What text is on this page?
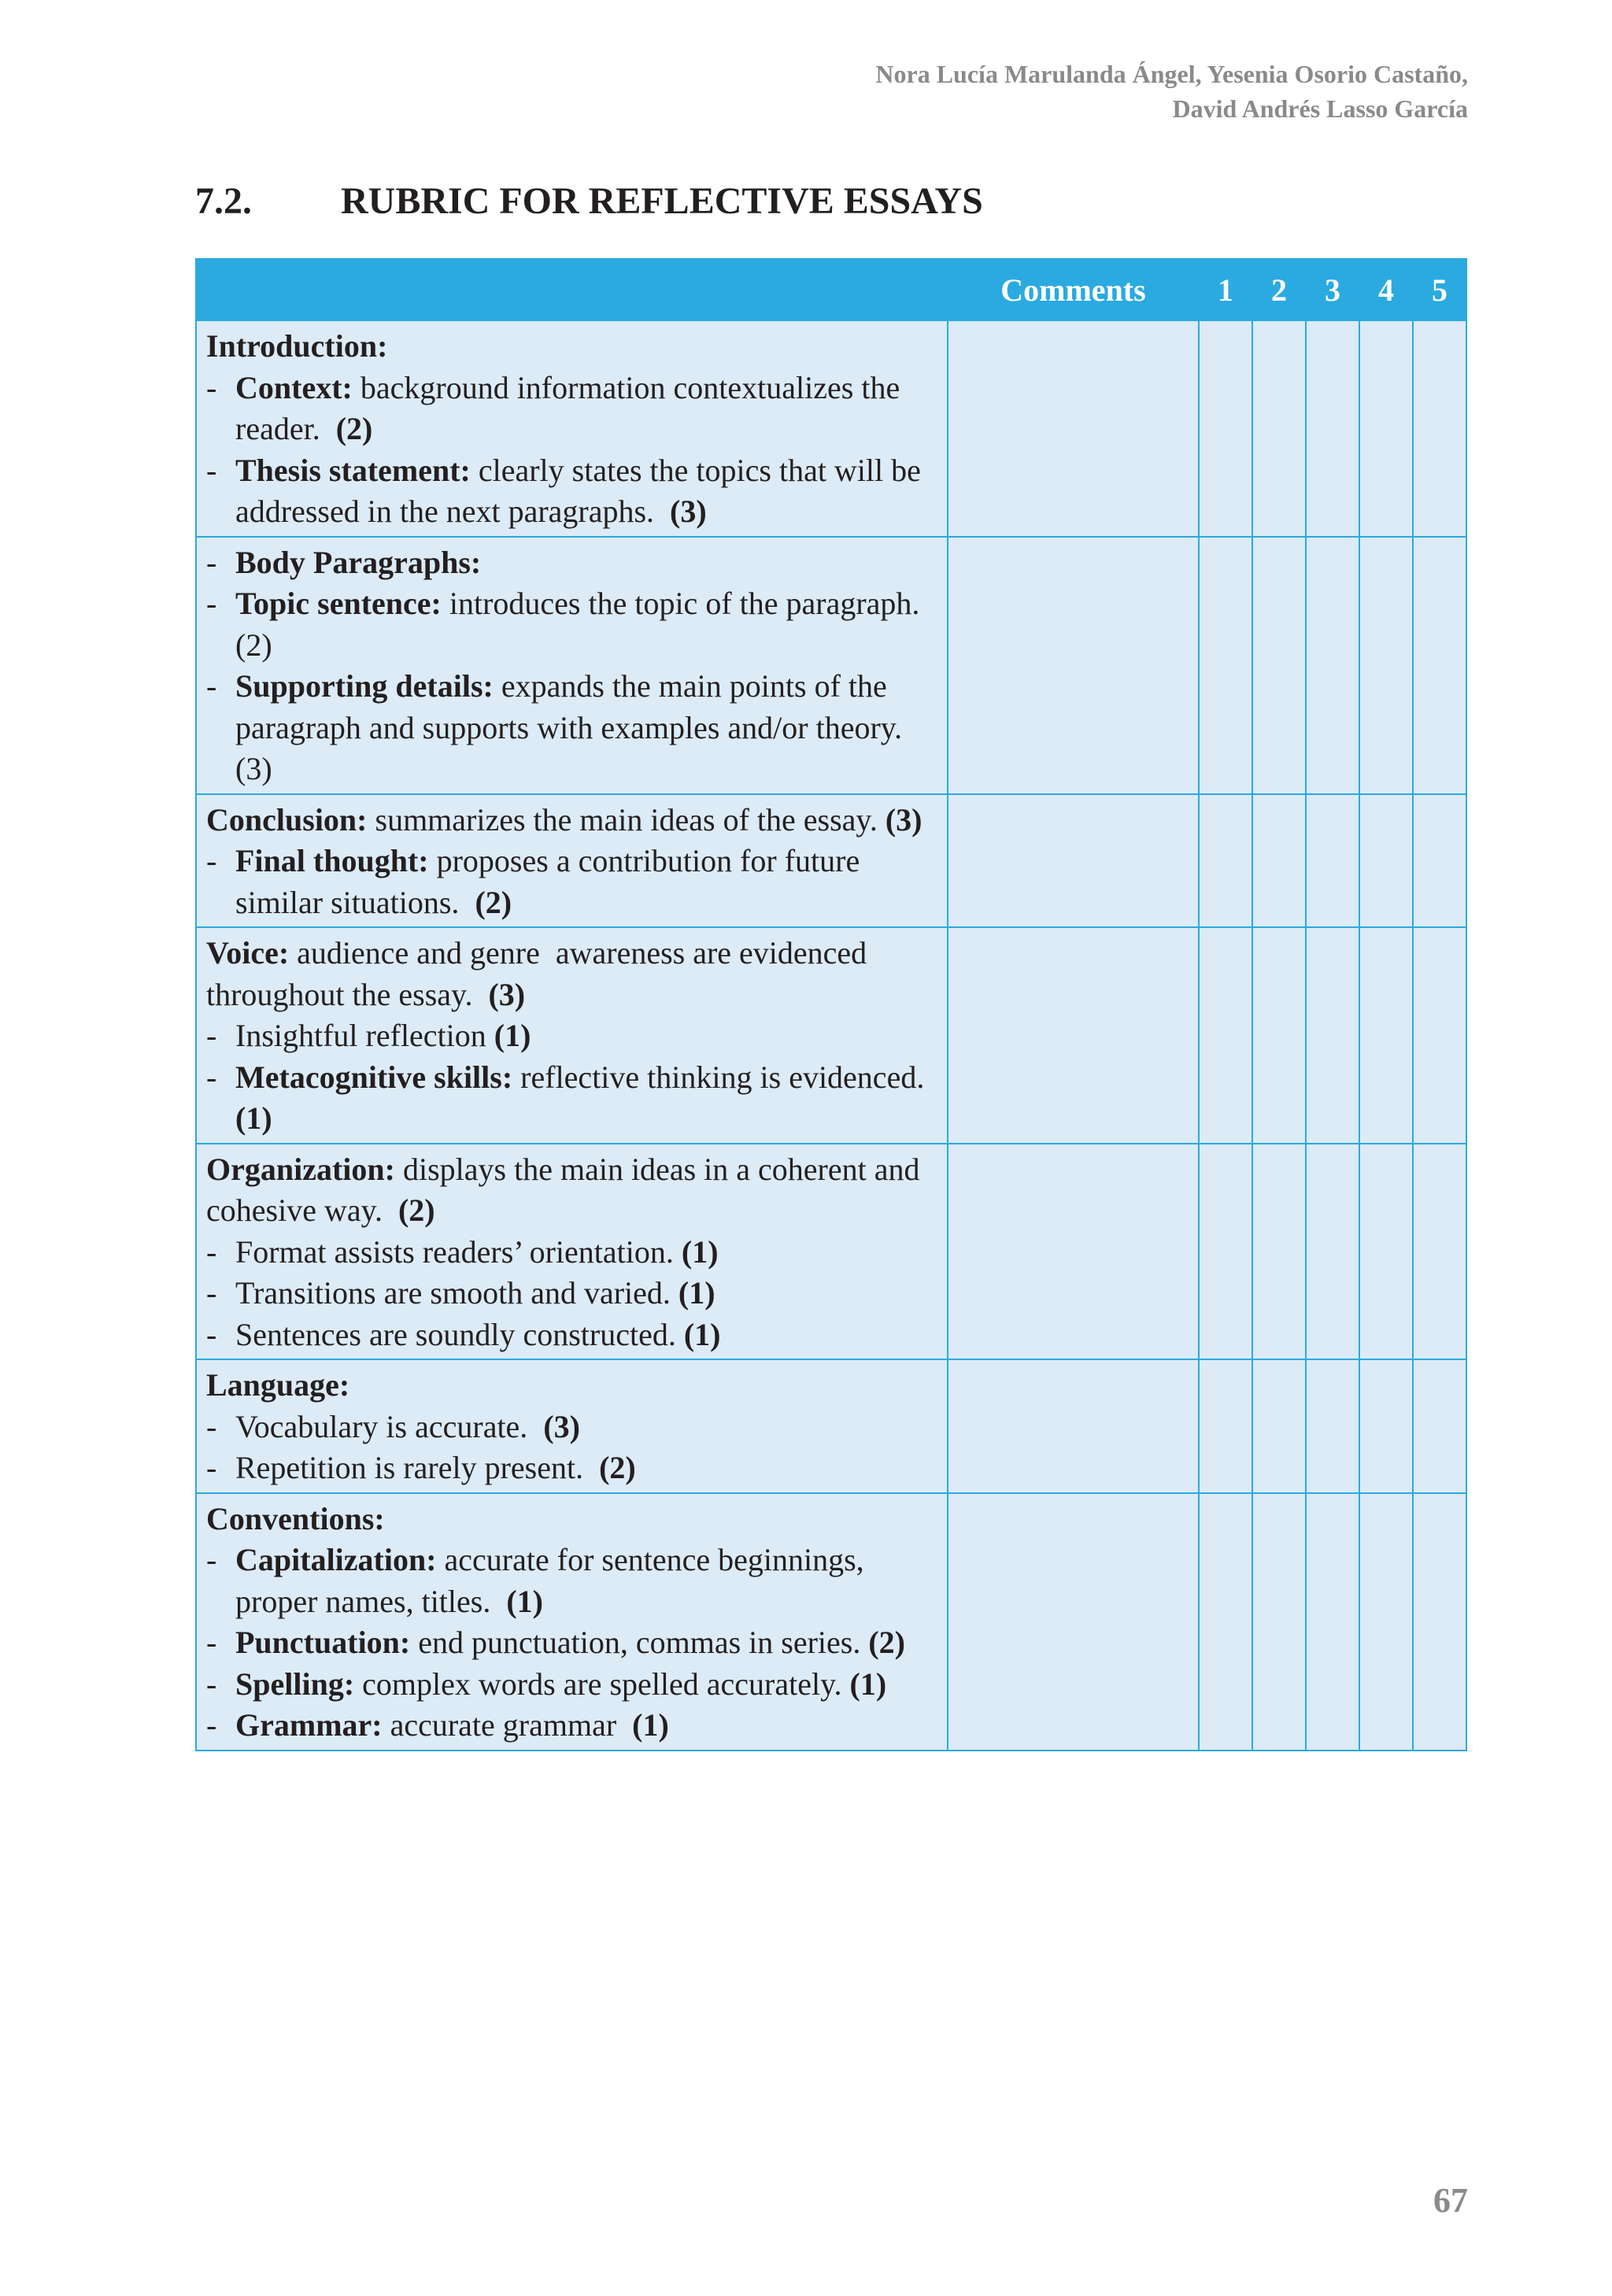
Nora Lucía Marulanda Ángel, Yesenia Osorio Castaño,
David Andrés Lasso García
7.2. RUBRIC FOR REFLECTIVE ESSAYS
	Comments	1	2	3	4	5

Introduction:
- Context: background information contextualizes the reader.  (2)
- Thesis statement: clearly states the topics that will be addressed in the next paragraphs.  (3)

- Body Paragraphs:
- Topic sentence: introduces the topic of the paragraph.  (2)
- Supporting details: expands the main points of the paragraph and supports with examples and/or theory.  (3)

Conclusion: summarizes the main ideas of the essay. (3)
- Final thought: proposes a contribution for future similar situations.  (2)

Voice: audience and genre  awareness are evidenced throughout the essay.  (3)
- Insightful reflection (1)
- Metacognitive skills: reflective thinking is evidenced.  (1)

Organization: displays the main ideas in a coherent and cohesive way.  (2)
- Format assists readers’ orientation. (1)
- Transitions are smooth and varied. (1)
- Sentences are soundly constructed. (1)

Language:
- Vocabulary is accurate.  (3)
- Repetition is rarely present.  (2)

Conventions:
- Capitalization: accurate for sentence beginnings, proper names, titles.  (1)
- Punctuation: end punctuation, commas in series. (2)
- Spelling: complex words are spelled accurately. (1)
- Grammar: accurate grammar  (1)

67
